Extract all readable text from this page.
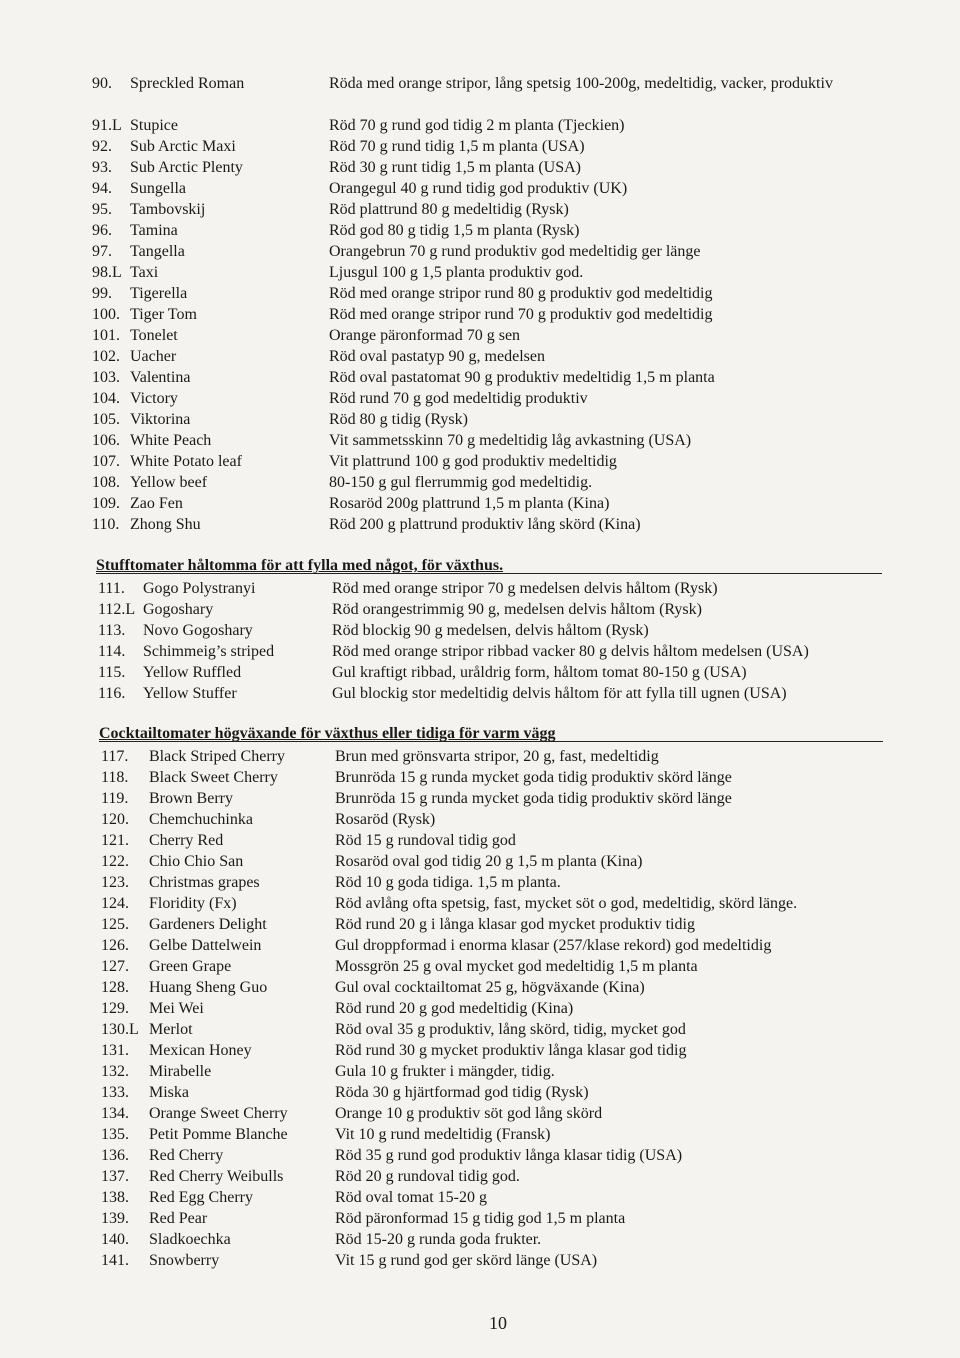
90. Spreckled Roman	Röda med orange stripor, lång spetsig 100-200g, medeltidig, vacker, produktiv
91.L Stupice	Röd 70 g rund god tidig 2 m planta (Tjeckien)
92. Sub Arctic Maxi	Röd 70 g rund tidig 1,5 m planta (USA)
93. Sub Arctic Plenty	Röd 30 g runt tidig 1,5 m planta (USA)
94. Sungella	Orangegul 40 g rund tidig god produktiv (UK)
95. Tambovskij	Röd plattrund 80 g medeltidig (Rysk)
96. Tamina	Röd god 80 g tidig 1,5 m planta (Rysk)
97. Tangella	Orangebrun 70 g rund produktiv god medeltidig ger länge
98.L Taxi	Ljusgul 100 g 1,5 planta produktiv god.
99. Tigerella	Röd med orange stripor rund 80 g produktiv god medeltidig
100. Tiger Tom	Röd med orange stripor rund 70 g produktiv god medeltidig
101. Tonelet	Orange päronformad 70 g sen
102. Uacher	Röd oval pastatyp 90 g, medelsen
103. Valentina	Röd oval pastatomat 90 g produktiv medeltidig 1,5 m planta
104. Victory	Röd rund 70 g god medeltidig produktiv
105. Viktorina	Röd 80 g tidig (Rysk)
106. White Peach	Vit sammetsskinn 70 g medeltidig låg avkastning (USA)
107. White Potato leaf	Vit plattrund 100 g god produktiv medeltidig
108. Yellow beef	80-150 g gul flerrummig god medeltidig.
109. Zao Fen	Rosaröd 200g plattrund 1,5 m planta (Kina)
110. Zhong Shu	Röd 200 g plattrund produktiv lång skörd (Kina)
Stufftomater håltomma för att fylla med något, för växthus.
111. Gogo Polystranyi	Röd med orange stripor 70 g medelsen delvis håltom (Rysk)
112.L Gogoshary	Röd orangestrimmig 90 g, medelsen delvis håltom (Rysk)
113. Novo Gogoshary	Röd blockig 90 g medelsen, delvis håltom (Rysk)
114. Schimmeig’s striped	Röd med orange stripor ribbad vacker 80 g delvis håltom medelsen (USA)
115. Yellow Ruffled	Gul kraftigt ribbad, uråldrig form, håltom tomat 80-150 g (USA)
116. Yellow Stuffer	Gul blockig stor medeltidig delvis håltom för att fylla till ugnen (USA)
Cocktailtomater högväxande för växthus eller tidiga för varm vägg
117. Black Striped Cherry	Brun med grönsvarta stripor, 20 g, fast, medeltidig
118. Black Sweet Cherry	Brunröda 15 g runda mycket goda tidig produktiv skörd länge
119. Brown Berry	Brunröda 15 g runda mycket goda tidig produktiv skörd länge
120. Chemchuchinka	Rosaröd (Rysk)
121. Cherry Red	Röd 15 g rundoval tidig god
122. Chio Chio San	Rosaröd oval god tidig 20 g 1,5 m planta (Kina)
123. Christmas grapes	Röd 10 g goda tidiga. 1,5 m planta.
124. Floridity (Fx)	Röd avlång ofta spetsig, fast, mycket söt o god, medeltidig, skörd länge.
125. Gardeners Delight	Röd rund 20 g i långa klasar god mycket produktiv tidig
126. Gelbe Dattelwein	Gul droppformad i enorma klasar (257/klase rekord) god medeltidig
127. Green Grape	Mossgrön 25 g oval mycket god medeltidig 1,5 m planta
128. Huang Sheng Guo	Gul oval cocktailtomat 25 g, högväxande (Kina)
129. Mei Wei	Röd rund 20 g god medeltidig (Kina)
130.L Merlot	Röd oval 35 g produktiv, lång skörd, tidig, mycket god
131. Mexican Honey	Röd rund 30 g mycket produktiv långa klasar god tidig
132. Mirabelle	Gula 10 g frukter i mängder, tidig.
133. Miska	Röda 30 g hjärtformad god tidig (Rysk)
134. Orange Sweet Cherry	Orange 10 g produktiv söt god lång skörd
135. Petit Pomme Blanche	Vit 10 g rund medeltidig (Fransk)
136. Red Cherry	Röd 35 g rund god produktiv långa klasar tidig (USA)
137. Red Cherry Weibulls	Röd 20 g rundoval tidig god.
138. Red Egg Cherry	Röd oval tomat 15-20 g
139. Red Pear	Röd päronformad 15 g tidig god 1,5 m planta
140. Sladkoechka	Röd 15-20 g runda goda frukter.
141. Snowberry	Vit 15 g rund god ger skörd länge (USA)
10
